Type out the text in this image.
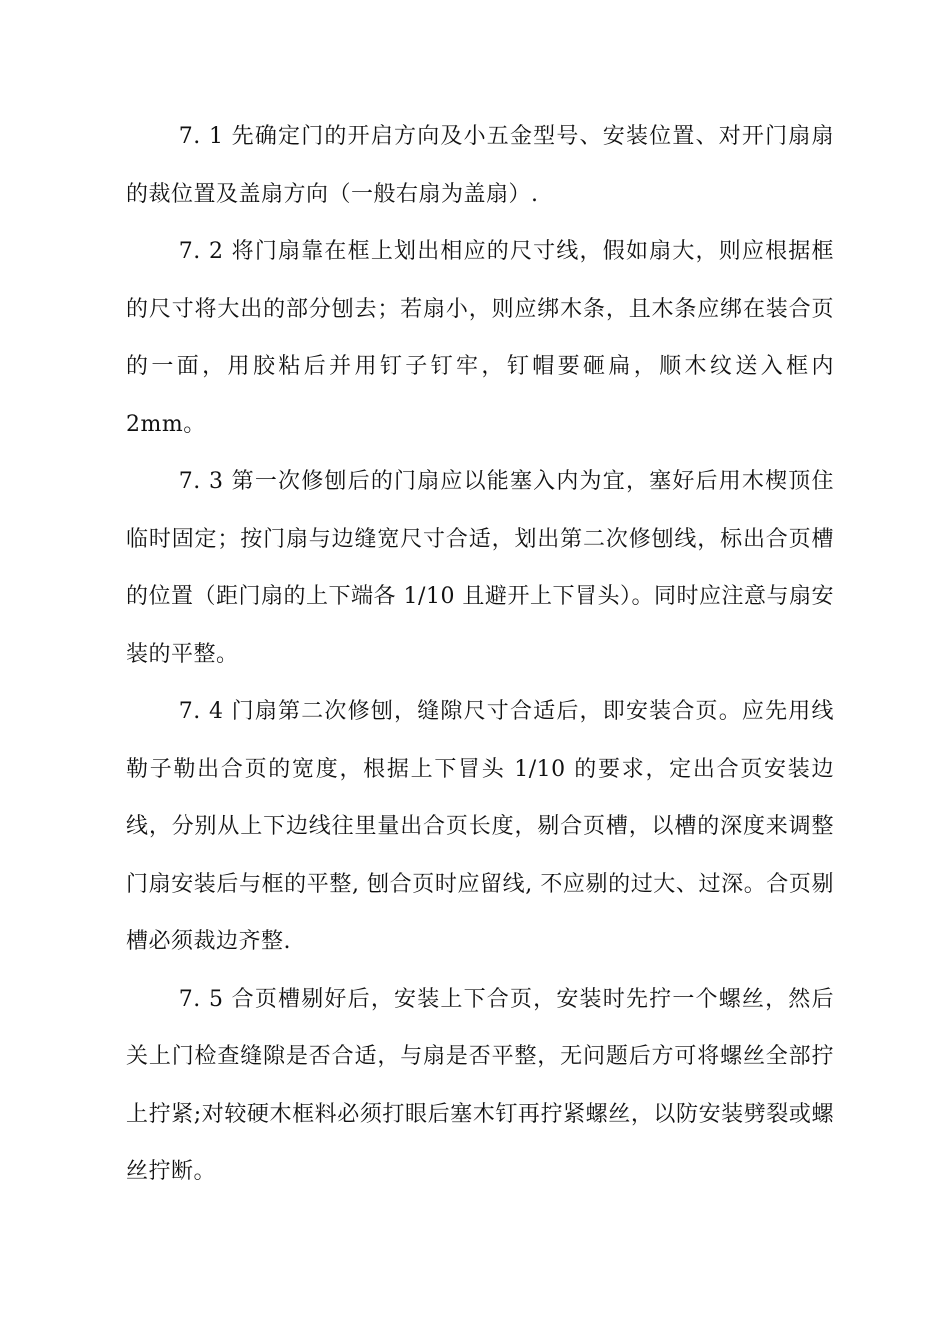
7. 1 先确定门的开启方向及小五金型号、安装位置、对开门扇扇的裁位置及盖扇方向（一般右扇为盖扇）.

7. 2 将门扇靠在框上划出相应的尺寸线，假如扇大，则应根据框的尺寸将大出的部分刨去；若扇小，则应绑木条，且木条应绑在装合页的一面，用胶粘后并用钉子钉牢，钉帽要砸扁，顺木纹送入框内 2mm。

7. 3 第一次修刨后的门扇应以能塞入内为宜，塞好后用木楔顶住临时固定；按门扇与边缝宽尺寸合适，划出第二次修刨线，标出合页槽的位置（距门扇的上下端各 1/10 且避开上下冒头）。同时应注意与扇安装的平整。

7. 4 门扇第二次修刨，缝隙尺寸合适后，即安装合页。应先用线勒子勒出合页的宽度，根据上下冒头 1/10 的要求，定出合页安装边线，分别从上下边线往里量出合页长度，剔合页槽，以槽的深度来调整门扇安装后与框的平整, 刨合页时应留线, 不应剔的过大、过深。合页剔槽必须裁边齐整.

7. 5 合页槽剔好后，安装上下合页，安装时先拧一个螺丝，然后关上门检查缝隙是否合适，与扇是否平整，无问题后方可将螺丝全部拧上拧紧;对较硬木框料必须打眼后塞木钉再拧紧螺丝，以防安装劈裂或螺丝拧断。
